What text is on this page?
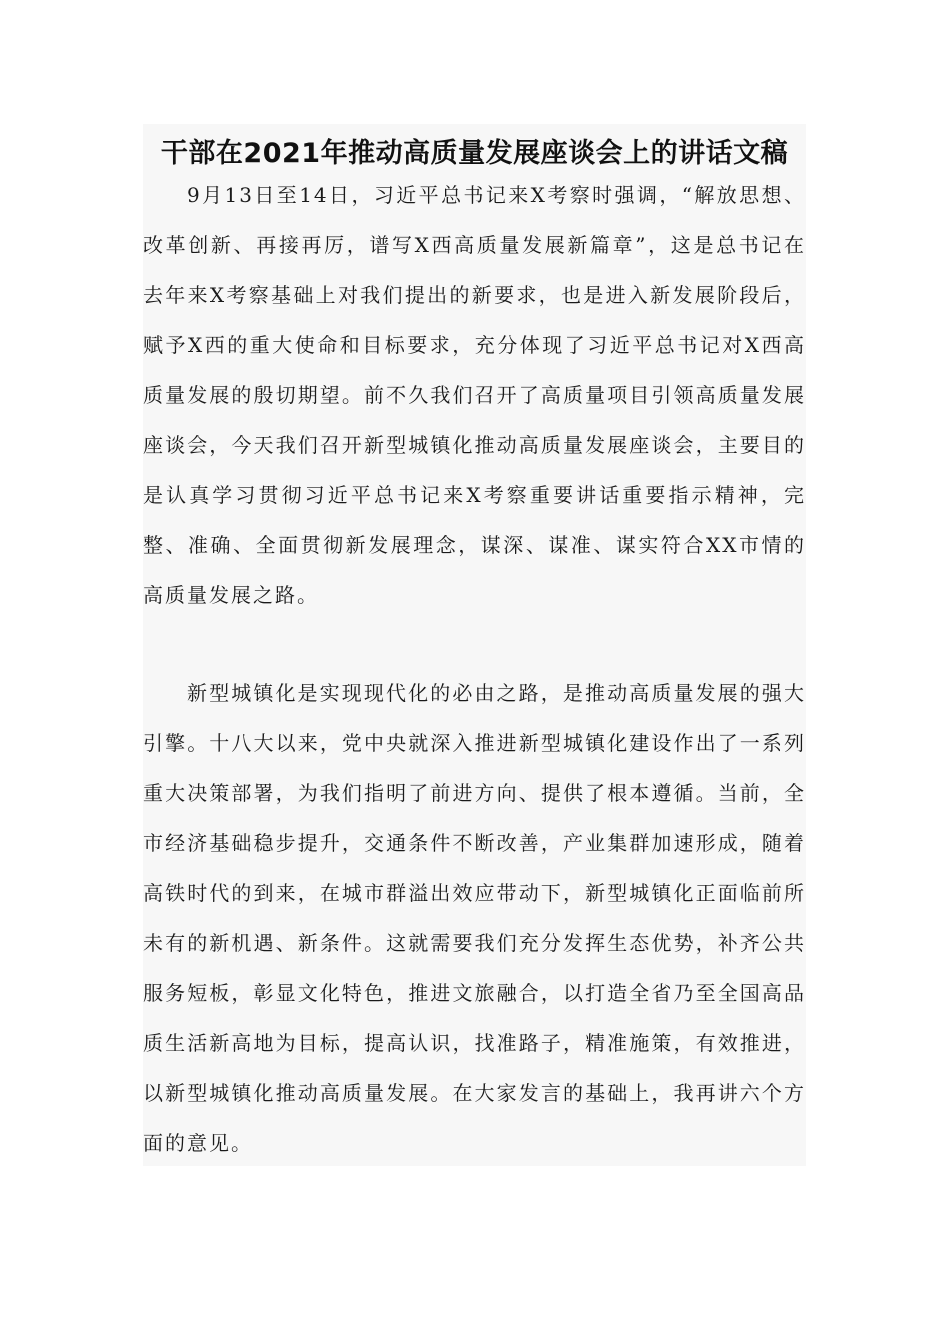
干部在2021年推动高质量发展座谈会上的讲话文稿

9月13日至14日，习近平总书记来X考察时强调，“解放思想、改革创新、再接再厉，谱写X西高质量发展新篇章”，这是总书记在去年来X考察基础上对我们提出的新要求，也是进入新发展阶段后，赋予X西的重大使命和目标要求，充分体现了习近平总书记对X西高质量发展的殷切期望。前不久我们召开了高质量项目引领高质量发展座谈会，今天我们召开新型城镇化推动高质量发展座谈会，主要目的是认真学习贯彻习近平总书记来X考察重要讲话重要指示精神，完整、准确、全面贯彻新发展理念，谋深、谋准、谋实符合XX市情的高质量发展之路。

新型城镇化是实现现代化的必由之路，是推动高质量发展的强大引擎。十八大以来，党中央就深入推进新型城镇化建设作出了一系列重大决策部署，为我们指明了前进方向、提供了根本遵循。当前，全市经济基础稳步提升，交通条件不断改善，产业集群加速形成，随着高铁时代的到来，在城市群溢出效应带动下，新型城镇化正面临前所未有的新机遇、新条件。这就需要我们充分发挥生态优势，补齐公共服务短板，彰显文化特色，推进文旅融合，以打造全省乃至全国高品质生活新高地为目标，提高认识，找准路子，精准施策，有效推进，以新型城镇化推动高质量发展。在大家发言的基础上，我再讲六个方面的意见。
